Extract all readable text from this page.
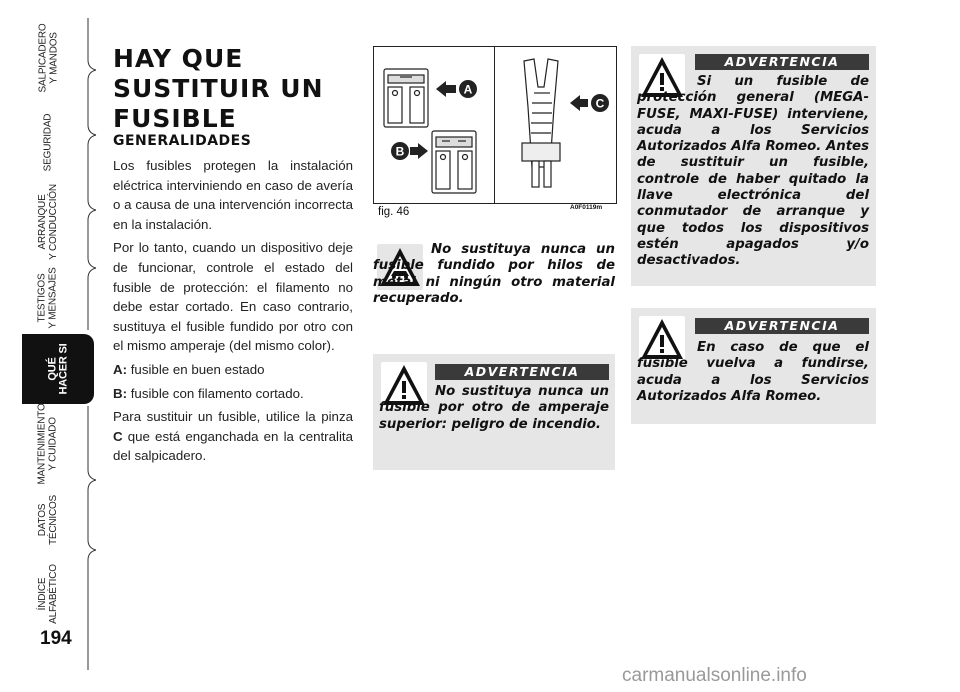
SALPICADERO
Y MANDOS
SEGURIDAD
ARRANQUE
Y CONDUCCIÓN
TESTIGOS
Y MENSAJES
QUÉ
HACER SI
MANTENIMIENTO
Y CUIDADO
DATOS
TÉCNICOS
ÍNDICE
ALFABÉTICO
194
HAY QUE SUSTITUIR UN FUSIBLE
GENERALIDADES

Los fusibles protegen la instalación eléctrica interviniendo en caso de avería o a causa de una intervención incorrecta en la instalación.

Por lo tanto, cuando un dispositivo deje de funcionar, controle el estado del fusible de protección: el filamento no debe estar cortado. En caso contrario, sustituya el fusible fundido por otro con el mismo amperaje (del mismo color).

A: fusible en buen estado

B: fusible con filamento cortado.

Para sustituir un fusible, utilice la pinza C que está enganchada en la centralita del salpicadero.

A
B
C
fig. 46	A0F0119m
No sustituya nunca un fusible fundido por hilos de metal ni ningún otro material recuperado.
ADVERTENCIA
No sustituya nunca un fusible por otro de amperaje superior: peligro de incendio.
ADVERTENCIA
Si un fusible de protección general (MEGA-FUSE, MAXI-FUSE) interviene, acuda a los Servicios Autorizados Alfa Romeo. Antes de sustituir un fusible, controle de haber quitado la llave electrónica del conmutador de arranque y que todos los dispositivos estén apagados y/o desactivados.
ADVERTENCIA
En caso de que el fusible vuelva a fundirse, acuda a los Servicios Autorizados Alfa Romeo.
carmanualsonline.info
